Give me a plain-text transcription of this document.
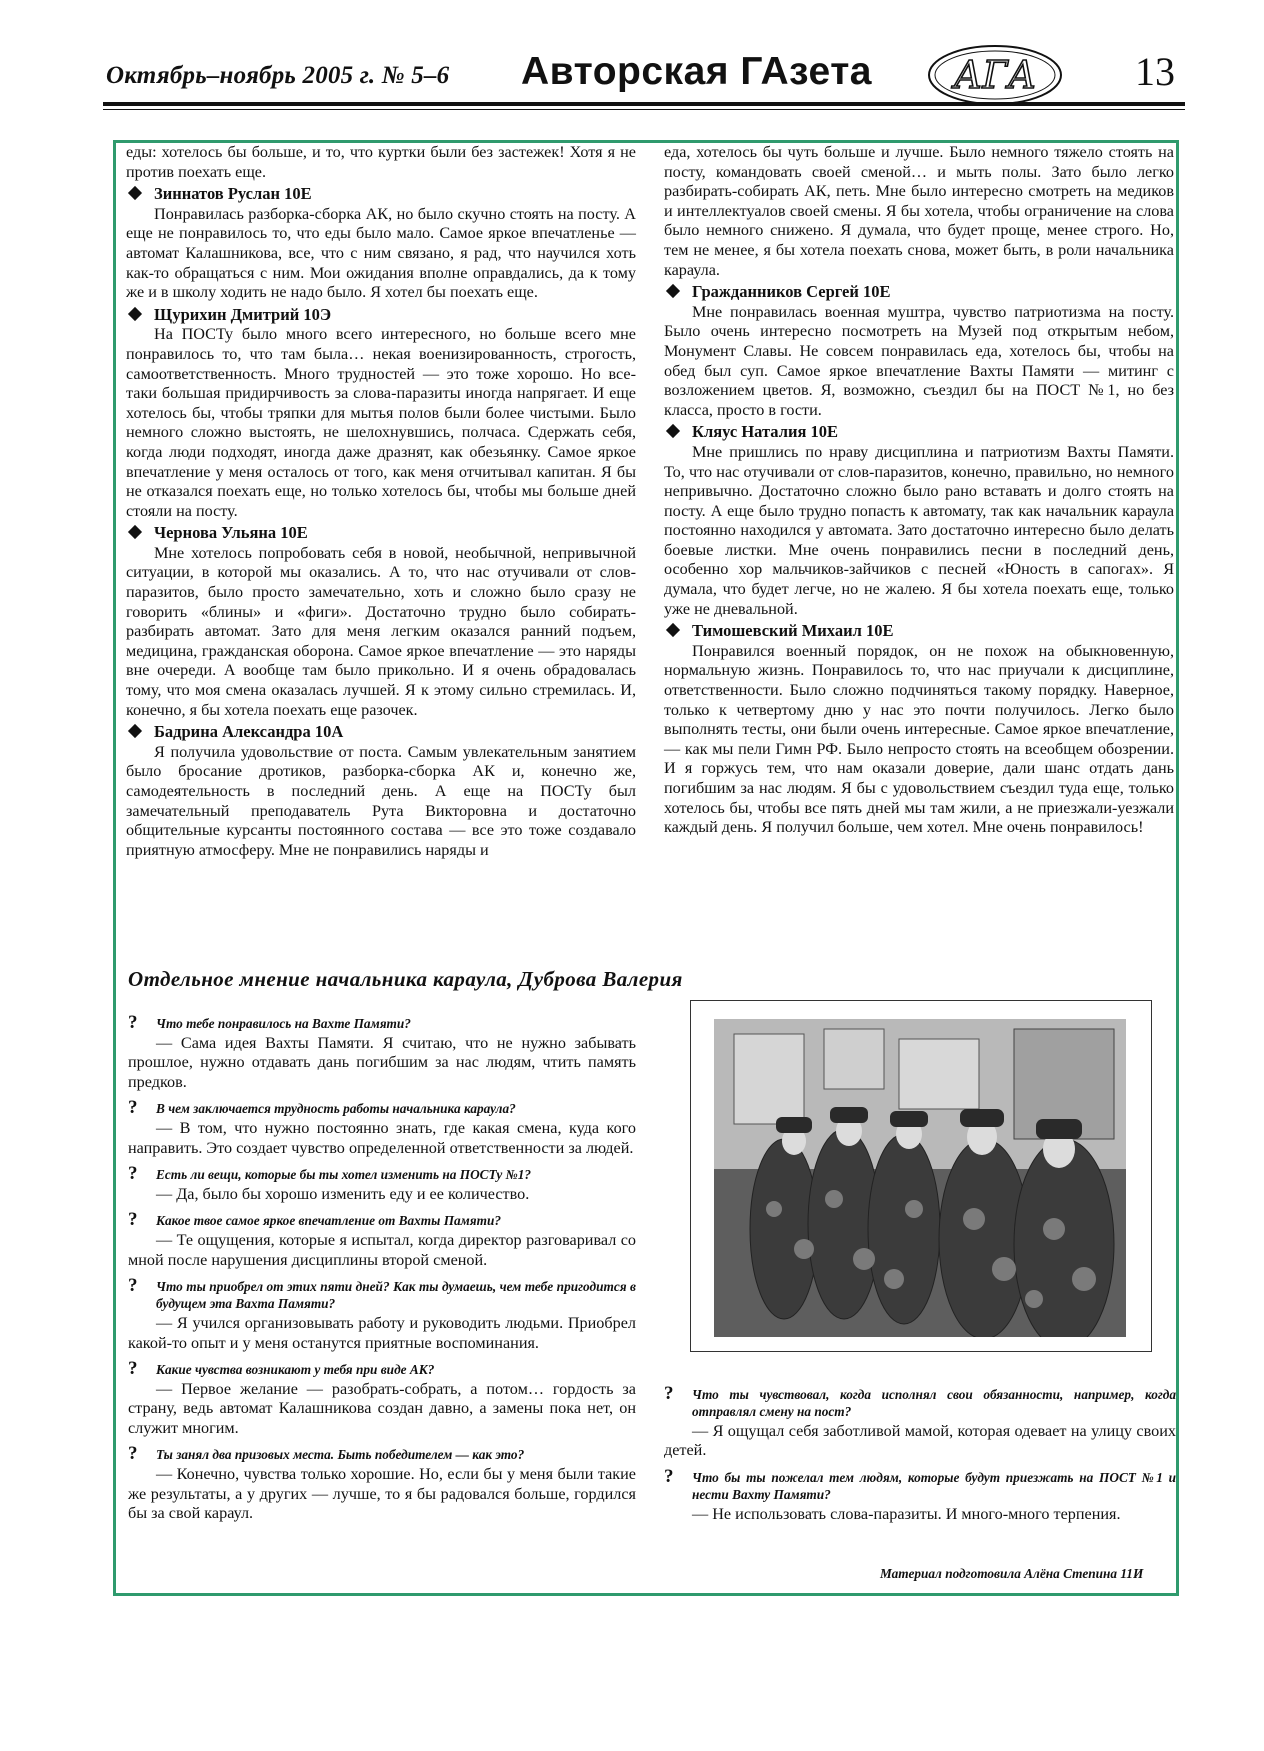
Октябрь–ноябрь 2005 г. № 5–6 Авторская ГАзета АГА 13

еды: хотелось бы больше, и то, что куртки были без застежек! Хотя я не против поехать еще.

Зиннатов Руслан 10Е

Понравилась разборка-сборка АК, но было скучно стоять на посту. А еще не понравилось то, что еды было мало. Самое яркое впечатленье — автомат Калашникова, все, что с ним связано, я рад, что научился хоть как-то обращаться с ним. Мои ожидания вполне оправдались, да к тому же и в школу ходить не надо было. Я хотел бы поехать еще.

Щурихин Дмитрий 10Э

На ПОСТу было много всего интересного, но больше всего мне понравилось то, что там была… некая военизированность, строгость, самоответственность. Много трудностей — это тоже хорошо. Но все-таки большая придирчивость за слова-паразиты иногда напрягает. И еще хотелось бы, чтобы тряпки для мытья полов были более чистыми. Было немного сложно выстоять, не шелохнувшись, полчаса. Сдержать себя, когда люди подходят, иногда даже дразнят, как обезьянку. Самое яркое впечатление у меня осталось от того, как меня отчитывал капитан. Я бы не отказался поехать еще, но только хотелось бы, чтобы мы больше дней стояли на посту.

Чернова Ульяна 10Е

Мне хотелось попробовать себя в новой, необычной, непривычной ситуации, в которой мы оказались. А то, что нас отучивали от слов-паразитов, было просто замечательно, хоть и сложно было сразу не говорить «блины» и «фиги». Достаточно трудно было собирать-разбирать автомат. Зато для меня легким оказался ранний подъем, медицина, гражданская оборона. Самое яркое впечатление — это наряды вне очереди. А вообще там было прикольно. И я очень обрадовалась тому, что моя смена оказалась лучшей. Я к этому сильно стремилась. И, конечно, я бы хотела поехать еще разочек.

Бадрина Александра 10А

Я получила удовольствие от поста. Самым увлекательным занятием было бросание дротиков, разборка-сборка АК и, конечно же, самодеятельность в последний день. А еще на ПОСТу был замечательный преподаватель Рута Викторовна и достаточно общительные курсанты постоянного состава — все это тоже создавало приятную атмосферу. Мне не понравились наряды и

еда, хотелось бы чуть больше и лучше. Было немного тяжело стоять на посту, командовать своей сменой… и мыть полы. Зато было легко разбирать-собирать АК, петь. Мне было интересно смотреть на медиков и интеллектуалов своей смены. Я бы хотела, чтобы ограничение на слова было немного снижено. Я думала, что будет проще, менее строго. Но, тем не менее, я бы хотела поехать снова, может быть, в роли начальника караула.

Гражданников Сергей 10Е

Мне понравилась военная муштра, чувство патриотизма на посту. Было очень интересно посмотреть на Музей под открытым небом, Монумент Славы. Не совсем понравилась еда, хотелось бы, чтобы на обед был суп. Самое яркое впечатление Вахты Памяти — митинг с возложением цветов. Я, возможно, съездил бы на ПОСТ №1, но без класса, просто в гости.

Кляус Наталия 10Е

Мне пришлись по нраву дисциплина и патриотизм Вахты Памяти. То, что нас отучивали от слов-паразитов, конечно, правильно, но немного непривычно. Достаточно сложно было рано вставать и долго стоять на посту. А еще было трудно попасть к автомату, так как начальник караула постоянно находился у автомата. Зато достаточно интересно было делать боевые листки. Мне очень понравились песни в последний день, особенно хор мальчиков-зайчиков с песней «Юность в сапогах». Я думала, что будет легче, но не жалею. Я бы хотела поехать еще, только уже не дневальной.

Тимошевский Михаил 10Е

Понравился военный порядок, он не похож на обыкновенную, нормальную жизнь. Понравилось то, что нас приучали к дисциплине, ответственности. Было сложно подчиняться такому порядку. Наверное, только к четвертому дню у нас это почти получилось. Легко было выполнять тесты, они были очень интересные. Самое яркое впечатление, — как мы пели Гимн РФ. Было непросто стоять на всеобщем обозрении. И я горжусь тем, что нам оказали доверие, дали шанс отдать дань погибшим за нас людям. Я бы с удовольствием съездил туда еще, только хотелось бы, чтобы все пять дней мы там жили, а не приезжали-уезжали каждый день. Я получил больше, чем хотел. Мне очень понравилось!

Отдельное мнение начальника караула, Дуброва Валерия
? Что тебе понравилось на Вахте Памяти?

— Сама идея Вахты Памяти. Я считаю, что не нужно забывать прошлое, нужно отдавать дань погибшим за нас людям, чтить память предков.

? В чем заключается трудность работы начальника караула?

— В том, что нужно постоянно знать, где какая смена, куда кого направить. Это создает чувство определенной ответственности за людей.

? Есть ли вещи, которые бы ты хотел изменить на ПОСТу №1?

— Да, было бы хорошо изменить еду и ее количество.

? Какое твое самое яркое впечатление от Вахты Памяти?

— Те ощущения, которые я испытал, когда директор разговаривал со мной после нарушения дисциплины второй сменой.

? Что ты приобрел от этих пяти дней? Как ты думаешь, чем тебе пригодится в будущем эта Вахта Памяти?

— Я учился организовывать работу и руководить людьми. Приобрел какой-то опыт и у меня останутся приятные воспоминания.

? Какие чувства возникают у тебя при виде АК?

— Первое желание — разобрать-собрать, а потом… гордость за страну, ведь автомат Калашникова создан давно, а замены пока нет, он служит многим.

? Ты занял два призовых места. Быть победителем — как это?

— Конечно, чувства только хорошие. Но, если бы у меня были такие же результаты, а у других — лучше, то я бы радовался больше, гордился бы за свой караул.

? Что ты чувствовал, когда исполнял свои обязанности, например, когда отправлял смену на пост?

— Я ощущал себя заботливой мамой, которая одевает на улицу своих детей.

? Что бы ты пожелал тем людям, которые будут приезжать на ПОСТ №1 и нести Вахту Памяти?

— Не использовать слова-паразиты. И много-много терпения.

Материал подготовила Алёна Степина 11И
